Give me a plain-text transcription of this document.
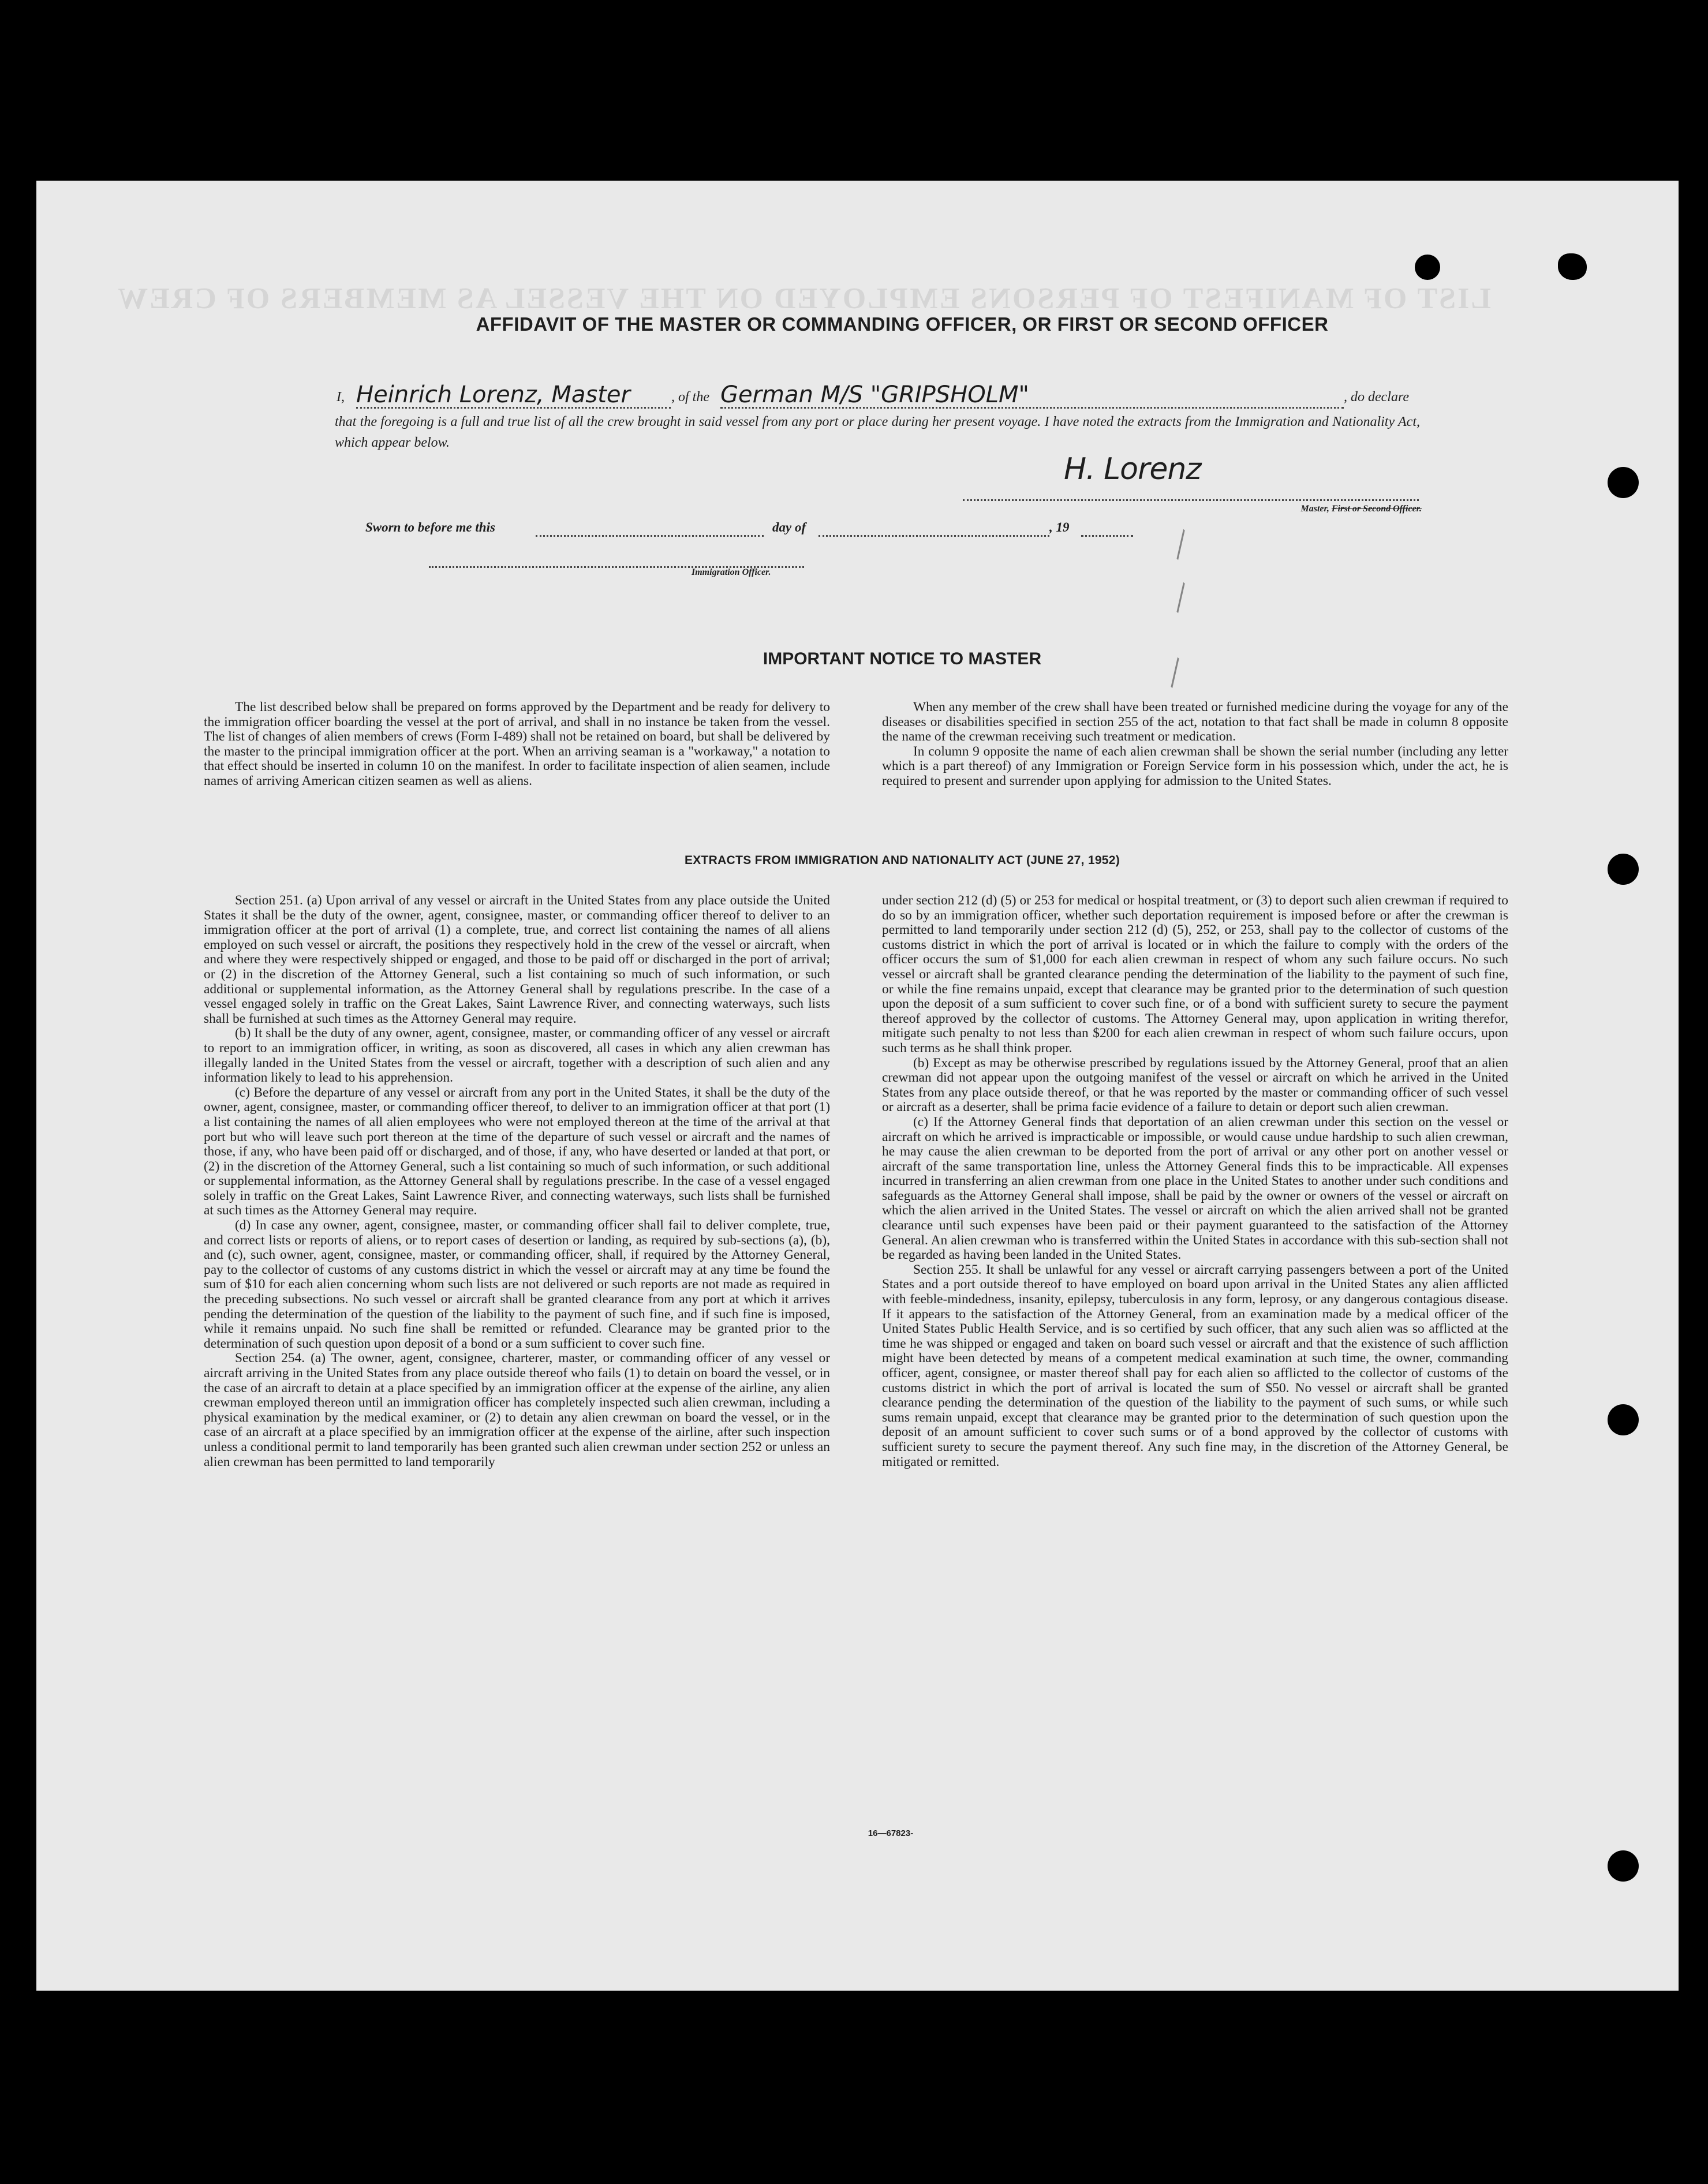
LIST OF MANIFEST OF PERSONS EMPLOYED ON THE VESSEL AS MEMBERS OF CREW
╲
╲
╲
AFFIDAVIT OF THE MASTER OR COMMANDING OFFICER, OR FIRST OR SECOND OFFICER
I, Heinrich Lorenz, Master	, of the German M/S "GRIPSHOLM"	, do declare
that the foregoing is a full and true list of all the crew brought in said vessel from any port or place during her present voyage. I have noted the extracts from the Immigration and Nationality Act, which appear below.
H. Lorenz
Master, First or Second Officer.
Sworn to before me this	day of	, 19
Immigration Officer.
IMPORTANT NOTICE TO MASTER

The list described below shall be prepared on forms approved by the Department and be ready for delivery to the immigration officer boarding the vessel at the port of arrival, and shall in no instance be taken from the vessel. The list of changes of alien members of crews (Form I-489) shall not be retained on board, but shall be delivered by the master to the principal immigration officer at the port. When an arriving seaman is a "workaway," a notation to that effect should be inserted in column 10 on the manifest. In order to facilitate inspection of alien seamen, include names of arriving American citizen seamen as well as aliens.

When any member of the crew shall have been treated or furnished medicine during the voyage for any of the diseases or disabilities specified in section 255 of the act, notation to that fact shall be made in column 8 opposite the name of the crewman receiving such treatment or medication.

In column 9 opposite the name of each alien crewman shall be shown the serial number (including any letter which is a part thereof) of any Immigration or Foreign Service form in his possession which, under the act, he is required to present and surrender upon applying for admission to the United States.

EXTRACTS FROM IMMIGRATION AND NATIONALITY ACT (JUNE 27, 1952)

Section 251. (a) Upon arrival of any vessel or aircraft in the United States from any place outside the United States it shall be the duty of the owner, agent, consignee, master, or commanding officer thereof to deliver to an immigration officer at the port of arrival (1) a complete, true, and correct list containing the names of all aliens employed on such vessel or aircraft, the positions they respectively hold in the crew of the vessel or aircraft, when and where they were respectively shipped or engaged, and those to be paid off or discharged in the port of arrival; or (2) in the discretion of the Attorney General, such a list containing so much of such information, or such additional or supplemental information, as the Attorney General shall by regulations prescribe. In the case of a vessel engaged solely in traffic on the Great Lakes, Saint Lawrence River, and connecting waterways, such lists shall be furnished at such times as the Attorney General may require.

(b) It shall be the duty of any owner, agent, consignee, master, or commanding officer of any vessel or aircraft to report to an immigration officer, in writing, as soon as discovered, all cases in which any alien crewman has illegally landed in the United States from the vessel or aircraft, together with a description of such alien and any information likely to lead to his apprehension.

(c) Before the departure of any vessel or aircraft from any port in the United States, it shall be the duty of the owner, agent, consignee, master, or commanding officer thereof, to deliver to an immigration officer at that port (1) a list containing the names of all alien employees who were not employed thereon at the time of the arrival at that port but who will leave such port thereon at the time of the departure of such vessel or aircraft and the names of those, if any, who have been paid off or discharged, and of those, if any, who have deserted or landed at that port, or (2) in the discretion of the Attorney General, such a list containing so much of such information, or such additional or supplemental information, as the Attorney General shall by regulations prescribe. In the case of a vessel engaged solely in traffic on the Great Lakes, Saint Lawrence River, and connecting waterways, such lists shall be furnished at such times as the Attorney General may require.

(d) In case any owner, agent, consignee, master, or commanding officer shall fail to deliver complete, true, and correct lists or reports of aliens, or to report cases of desertion or landing, as required by sub-sections (a), (b), and (c), such owner, agent, consignee, master, or commanding officer, shall, if required by the Attorney General, pay to the collector of customs of any customs district in which the vessel or aircraft may at any time be found the sum of $10 for each alien concerning whom such lists are not delivered or such reports are not made as required in the preceding subsections. No such vessel or aircraft shall be granted clearance from any port at which it arrives pending the determination of the question of the liability to the payment of such fine, and if such fine is imposed, while it remains unpaid. No such fine shall be remitted or refunded. Clearance may be granted prior to the determination of such question upon deposit of a bond or a sum sufficient to cover such fine.

Section 254. (a) The owner, agent, consignee, charterer, master, or commanding officer of any vessel or aircraft arriving in the United States from any place outside thereof who fails (1) to detain on board the vessel, or in the case of an aircraft to detain at a place specified by an immigration officer at the expense of the airline, any alien crewman employed thereon until an immigration officer has completely inspected such alien crewman, including a physical examination by the medical examiner, or (2) to detain any alien crewman on board the vessel, or in the case of an aircraft at a place specified by an immigration officer at the expense of the airline, after such inspection unless a conditional permit to land temporarily has been granted such alien crewman under section 252 or unless an alien crewman has been permitted to land temporarily

under section 212 (d) (5) or 253 for medical or hospital treatment, or (3) to deport such alien crewman if required to do so by an immigration officer, whether such deportation requirement is imposed before or after the crewman is permitted to land temporarily under section 212 (d) (5), 252, or 253, shall pay to the collector of customs of the customs district in which the port of arrival is located or in which the failure to comply with the orders of the officer occurs the sum of $1,000 for each alien crewman in respect of whom any such failure occurs. No such vessel or aircraft shall be granted clearance pending the determination of the liability to the payment of such fine, or while the fine remains unpaid, except that clearance may be granted prior to the determination of such question upon the deposit of a sum sufficient to cover such fine, or of a bond with sufficient surety to secure the payment thereof approved by the collector of customs. The Attorney General may, upon application in writing therefor, mitigate such penalty to not less than $200 for each alien crewman in respect of whom such failure occurs, upon such terms as he shall think proper.

(b) Except as may be otherwise prescribed by regulations issued by the Attorney General, proof that an alien crewman did not appear upon the outgoing manifest of the vessel or aircraft on which he arrived in the United States from any place outside thereof, or that he was reported by the master or commanding officer of such vessel or aircraft as a deserter, shall be prima facie evidence of a failure to detain or deport such alien crewman.

(c) If the Attorney General finds that deportation of an alien crewman under this section on the vessel or aircraft on which he arrived is impracticable or impossible, or would cause undue hardship to such alien crewman, he may cause the alien crewman to be deported from the port of arrival or any other port on another vessel or aircraft of the same transportation line, unless the Attorney General finds this to be impracticable. All expenses incurred in transferring an alien crewman from one place in the United States to another under such conditions and safeguards as the Attorney General shall impose, shall be paid by the owner or owners of the vessel or aircraft on which the alien arrived in the United States. The vessel or aircraft on which the alien arrived shall not be granted clearance until such expenses have been paid or their payment guaranteed to the satisfaction of the Attorney General. An alien crewman who is transferred within the United States in accordance with this sub-section shall not be regarded as having been landed in the United States.

Section 255. It shall be unlawful for any vessel or aircraft carrying passengers between a port of the United States and a port outside thereof to have employed on board upon arrival in the United States any alien afflicted with feeble-mindedness, insanity, epilepsy, tuberculosis in any form, leprosy, or any dangerous contagious disease. If it appears to the satisfaction of the Attorney General, from an examination made by a medical officer of the United States Public Health Service, and is so certified by such officer, that any such alien was so afflicted at the time he was shipped or engaged and taken on board such vessel or aircraft and that the existence of such affliction might have been detected by means of a competent medical examination at such time, the owner, commanding officer, agent, consignee, or master thereof shall pay for each alien so afflicted to the collector of customs of the customs district in which the port of arrival is located the sum of $50. No vessel or aircraft shall be granted clearance pending the determination of the question of the liability to the payment of such sums, or while such sums remain unpaid, except that clearance may be granted prior to the determination of such question upon the deposit of an amount sufficient to cover such sums or of a bond approved by the collector of customs with sufficient surety to secure the payment thereof. Any such fine may, in the discretion of the Attorney General, be mitigated or remitted.

16—67823-
